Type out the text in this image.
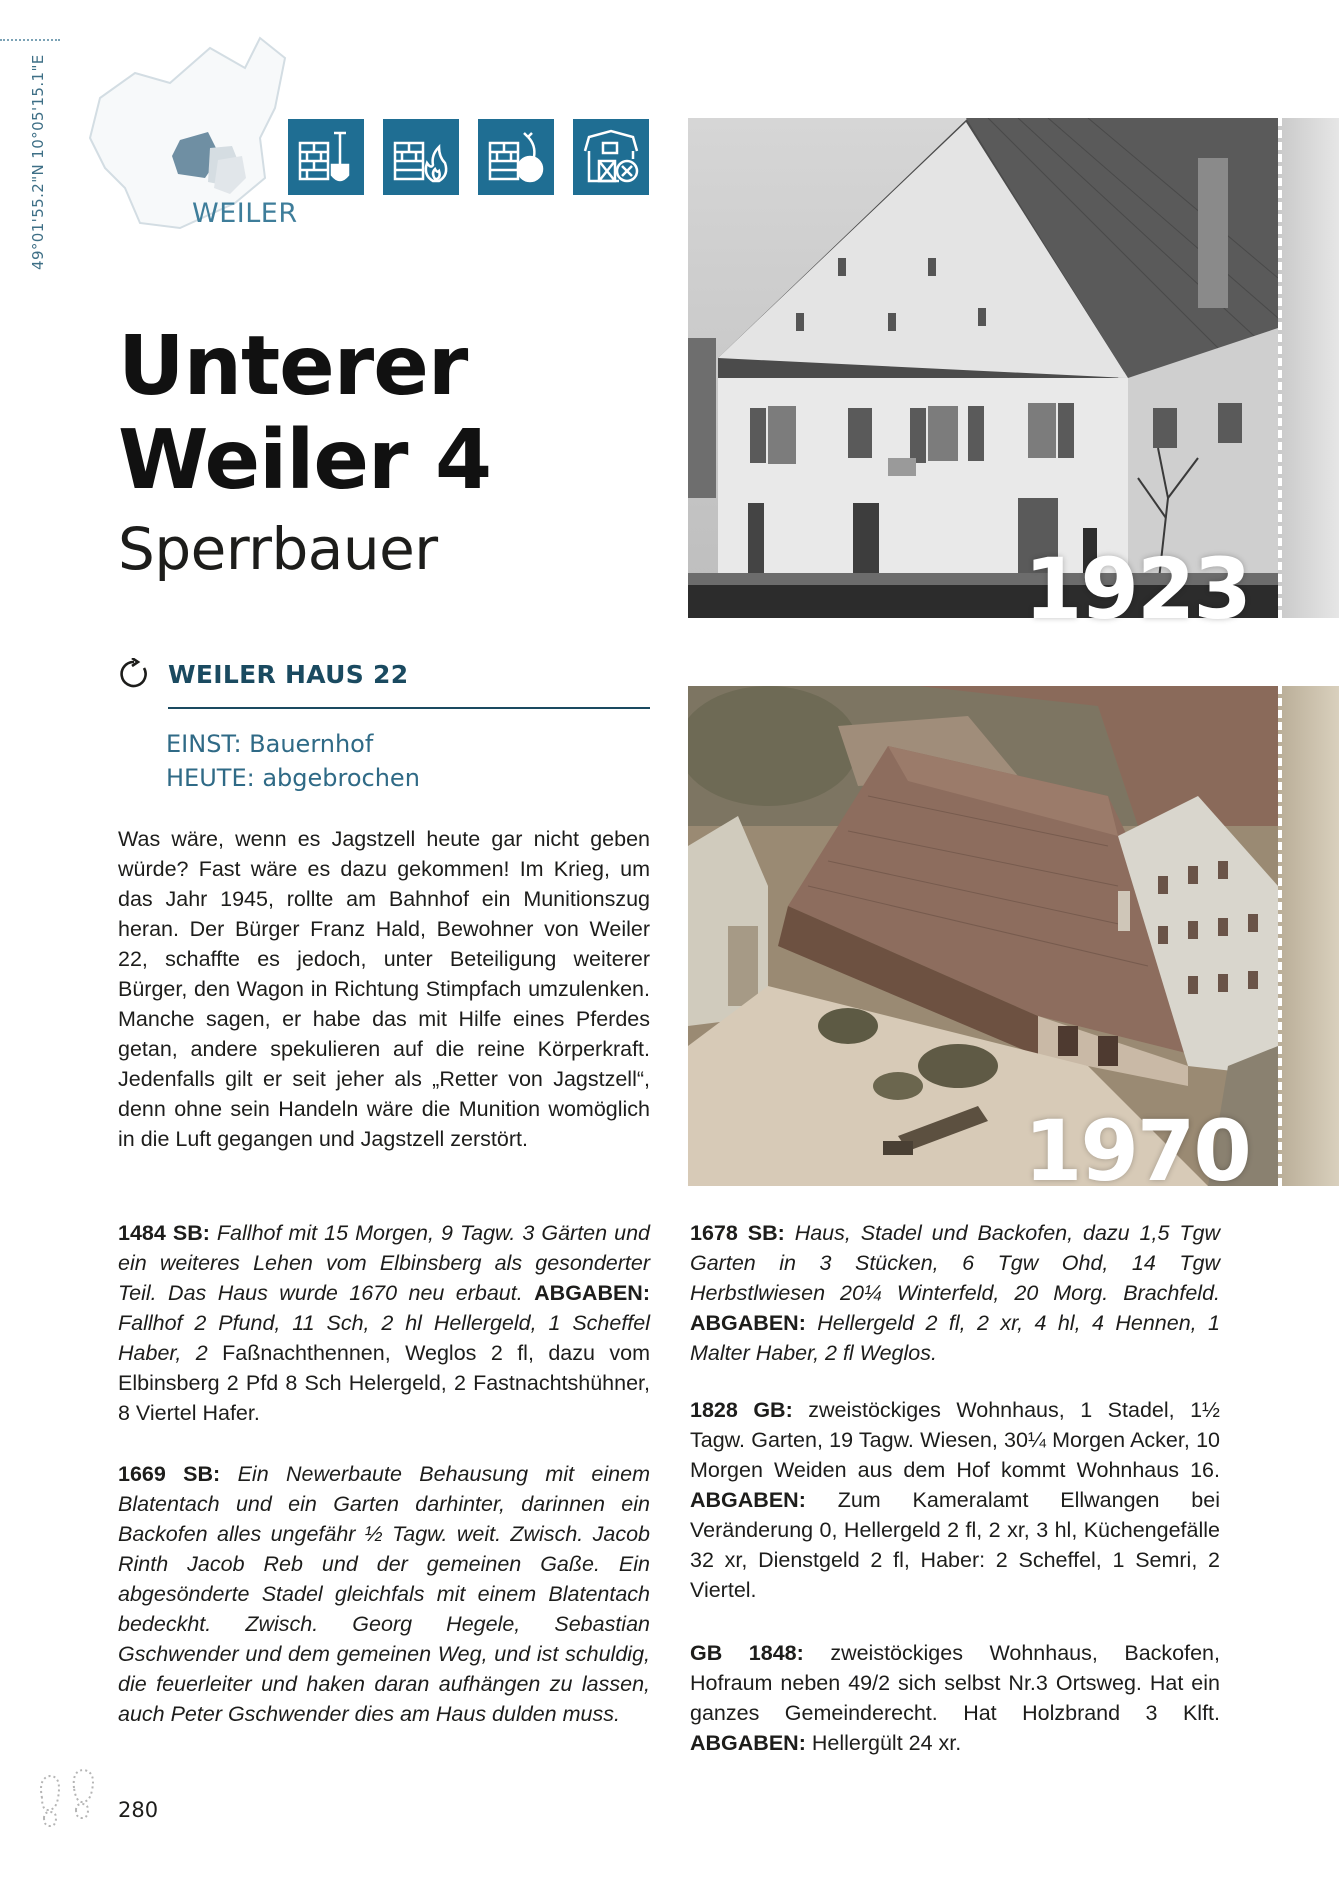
49°01'55.2"N 10°05'15.1"E	WEILER
Unterer
Weiler 4
Sperrbauer
WEILER HAUS 22
EINST: Bauernhof
HEUTE: abgebrochen
Was wäre, wenn es Jagstzell heute gar nicht geben würde? Fast wäre es dazu gekommen! Im Krieg, um das Jahr 1945, rollte am Bahnhof ein Munitionszug heran. Der Bürger Franz Hald, Bewohner von Weiler 22, schaffte es jedoch, unter Beteiligung weiterer Bürger, den Wagon in Richtung Stimpfach umzulenken. Manche sagen, er habe das mit Hilfe eines Pferdes getan, andere spekulieren auf die reine Körperkraft. Jedenfalls gilt er seit jeher als „Retter von Jagstzell“, denn ohne sein Handeln wäre die Munition womöglich in die Luft gegangen und Jagstzell zerstört.
1923
1970
1484 SB: Fallhof mit 15 Morgen, 9 Tagw. 3 Gärten und ein weiteres Lehen vom Elbinsberg als gesonderter Teil. Das Haus wurde 1670 neu erbaut. ABGABEN: Fallhof 2 Pfund, 11 Sch, 2 hl Hellergeld, 1 Scheffel Haber, 2 Faßnachthennen, Weglos 2 fl, dazu vom Elbinsberg 2 Pfd 8 Sch Helergeld, 2 Fastnachtshühner, 8 Viertel Hafer.
1669 SB: Ein Newerbaute Behausung mit einem Blatentach und ein Garten darhinter, darinnen ein Backofen alles ungefähr ½ Tagw. weit. Zwisch. Jacob Rinth Jacob Reb und der gemeinen Gaße. Ein abgesönderte Stadel gleichfals mit einem Blatentach bedeckht. Zwisch. Georg Hegele, Sebastian Gschwender und dem gemeinen Weg, und ist schuldig, die feuerleiter und haken daran aufhängen zu lassen, auch Peter Gschwender dies am Haus dulden muss.
1678 SB: Haus, Stadel und Backofen, dazu 1,5 Tgw Garten in 3 Stücken, 6 Tgw Ohd, 14 Tgw Herbstlwiesen 20¼ Winterfeld, 20 Morg. Brachfeld. ABGABEN: Hellergeld 2 fl, 2 xr, 4 hl, 4 Hennen, 1 Malter Haber, 2 fl Weglos.
1828 GB: zweistöckiges Wohnhaus, 1 Stadel, 1½ Tagw. Garten, 19 Tagw. Wiesen, 30¼ Morgen Acker, 10 Morgen Weiden aus dem Hof kommt Wohnhaus 16. ABGABEN: Zum Kameralamt Ellwangen bei Veränderung 0, Hellergeld 2 fl, 2 xr, 3 hl, Küchengefälle 32 xr, Dienstgeld 2 fl, Haber: 2 Scheffel, 1 Semri, 2 Viertel.
GB 1848: zweistöckiges Wohnhaus, Backofen, Hofraum neben 49/2 sich selbst Nr.3 Ortsweg. Hat ein ganzes Gemeinderecht. Hat Holzbrand 3 Klft. ABGABEN: Hellergült 24 xr.
280
